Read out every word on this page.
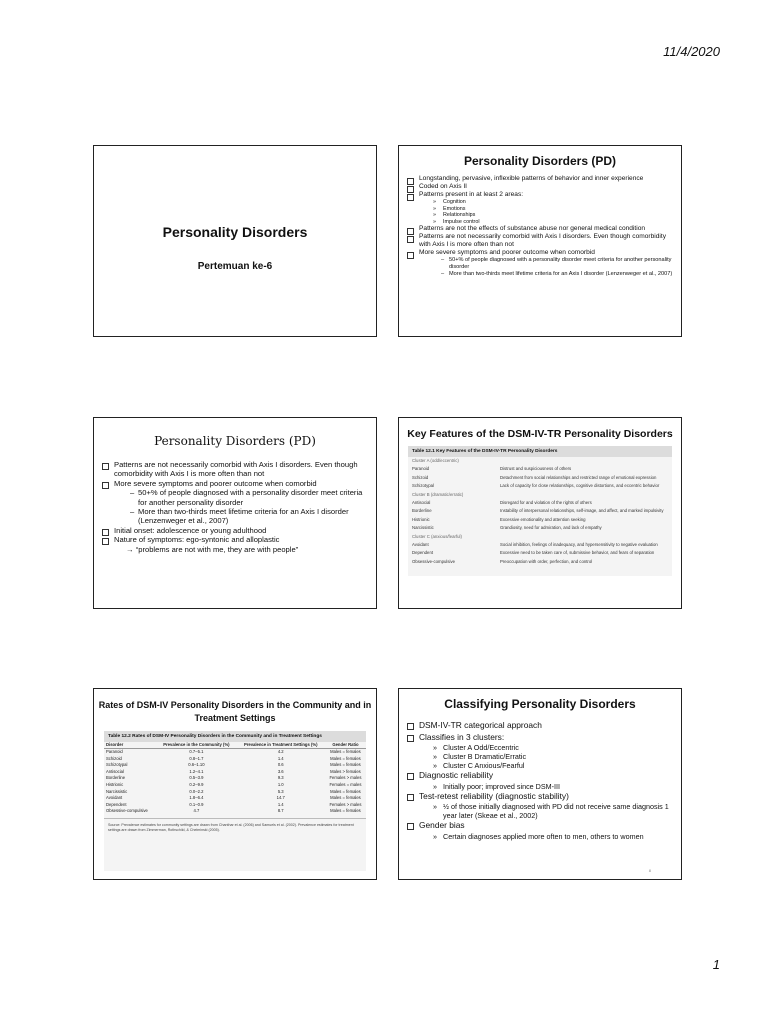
11/4/2020
Personality Disorders
Pertemuan ke-6
Personality Disorders (PD)
Longstanding, pervasive, inflexible patterns of behavior and inner experience
Coded on Axis II
Patterns present in at least 2 areas:
» Cognition
» Emotions
» Relationships
» Impulse control
Patterns are not the effects of substance abuse nor general medical condition
Patterns are not necessarily comorbid with Axis I disorders. Even though comorbidity with Axis I is more often than not
More severe symptoms and poorer outcome when comorbid
– 50+% of people diagnosed with a personality disorder meet criteria for another personality disorder
– More than two-thirds meet lifetime criteria for an Axis I disorder (Lenzenweger et al., 2007)
Personality Disorders (PD)
Patterns are not necessarily comorbid with Axis I disorders. Even though comorbidity with Axis I is more often than not
More severe symptoms and poorer outcome when comorbid
– 50+% of people diagnosed with a personality disorder meet criteria for another personality disorder
– More than two-thirds meet lifetime criteria for an Axis I disorder (Lenzenweger et al., 2007)
Initial onset: adolescence or young adulthood
Nature of symptoms: ego-syntonic and alloplastic
→ “problems are not with me, they are with people”
Key Features of the DSM-IV-TR Personality Disorders
Table 12.1 Key Features of the DSM-IV-TR Personality Disorders
Cluster A (odd/eccentric)
Paranoid	Distrust and suspiciousness of others
Schizoid	Detachment from social relationships and restricted range of emotional expression
Schizotypal	Lack of capacity for close relationships, cognitive distortions, and eccentric behavior
Cluster B (dramatic/erratic)
Antisocial	Disregard for and violation of the rights of others
Borderline	Instability of interpersonal relationships, self-image, and affect, and marked impulsivity
Histrionic	Excessive emotionality and attention seeking
Narcissistic	Grandiosity, need for admiration, and lack of empathy
Cluster C (anxious/fearful)
Avoidant	Social inhibition, feelings of inadequacy, and hypersensitivity to negative evaluation
Dependent	Excessive need to be taken care of, submissive behavior, and fears of separation
Obsessive-compulsive	Preoccupation with order, perfection, and control
Rates of DSM-IV Personality Disorders in the Community and in Treatment Settings
Table 12.2 Rates of DSM-IV Personality Disorders in the Community and in Treatment Settings
Disorder	Prevalence in the Community (%)	Prevalence in Treatment Settings (%)	Gender Ratio
Paranoid	0.7–5.1	4.2	Males = females
Schizoid	0.8–1.7	1.4	Males = females
Schizotypal	0.6–1.10	0.6	Males = females
Antisocial	1.2–4.1	3.6	Males > females
Borderline	0.5–3.9	9.3	Females > males
Histrionic	0.2–9.9	1.0	Females = males
Narcissistic	0.0–2.2	5.3	Males = females
Avoidant	1.8–6.4	14.7	Males = females
Dependent	0.1–0.9	1.4	Females > males
Obsessive-compulsive	4.7	8.7	Males = females
Source: Prevalence estimates for community settings are drawn from Chanthar et al. (2006) and Samuels et al. (2002). Prevalence estimates for treatment settings are drawn from Zimmerman, Rothschild, & Chelminski (2005).
Classifying Personality Disorders
DSM-IV-TR categorical approach
Classifies in 3 clusters:
» Cluster A Odd/Eccentric
» Cluster B Dramatic/Erratic
» Cluster C Anxious/Fearful
Diagnostic reliability
» Initially poor; improved since DSM-III
Test-retest reliability (diagnostic stability)
» ½ of those initially diagnosed with PD did not receive same diagnosis 1 year later (Skeae et al., 2002)
Gender bias
» Certain diagnoses applied more often to men, others to women
8
1
